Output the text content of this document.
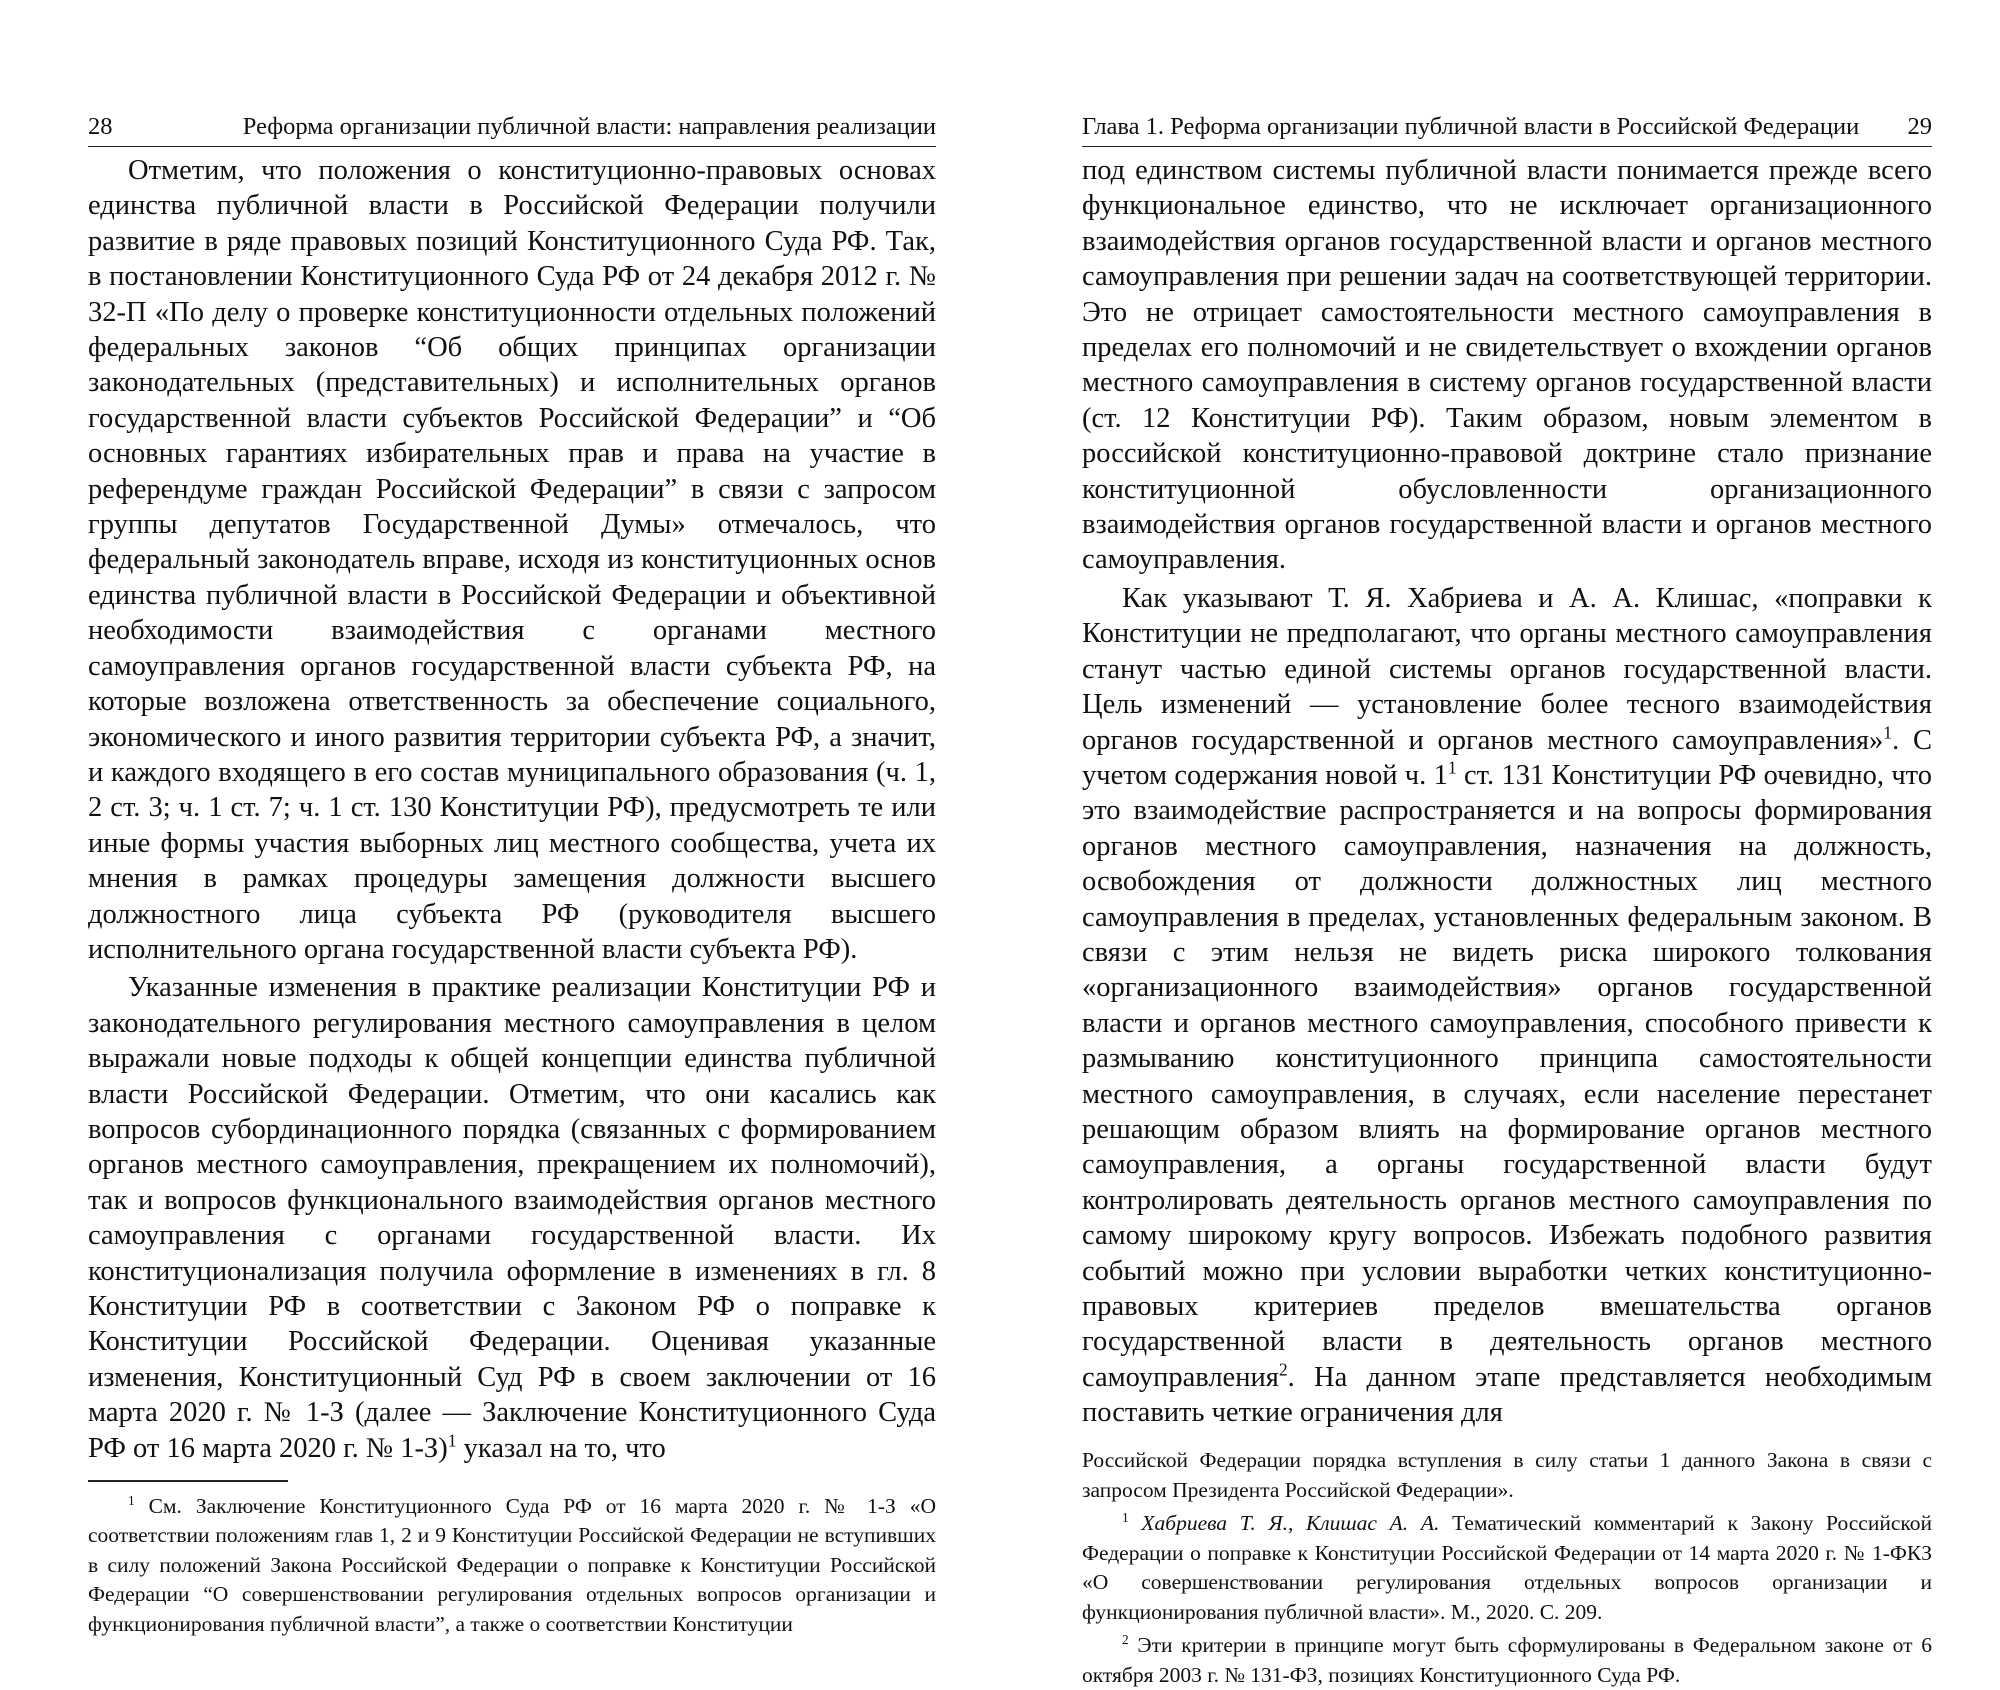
28	Реформа организации публичной власти: направления реализации

Отметим, что положения о конституционно-правовых основах единства публичной власти в Российской Федерации получили развитие в ряде правовых позиций Конституционного Суда РФ. Так, в постановлении Конституционного Суда РФ от 24 декабря 2012 г. № 32-П «По делу о проверке конституционности отдельных положений федеральных законов “Об общих принципах организации законодательных (представительных) и исполнительных органов государственной власти субъектов Российской Федерации” и “Об основных гарантиях избирательных прав и права на участие в референдуме граждан Российской Федерации” в связи с запросом группы депутатов Государственной Думы» отмечалось, что федеральный законодатель вправе, исходя из конституционных основ единства публичной власти в Российской Федерации и объективной необходимости взаимодействия с органами местного самоуправления органов государственной власти субъекта РФ, на которые возложена ответственность за обеспечение социального, экономического и иного развития территории субъекта РФ, а значит, и каждого входящего в его состав муниципального образования (ч. 1, 2 ст. 3; ч. 1 ст. 7; ч. 1 ст. 130 Конституции РФ), предусмотреть те или иные формы участия выборных лиц местного сообщества, учета их мнения в рамках процедуры замещения должности высшего должностного лица субъекта РФ (руководителя высшего исполнительного органа государственной власти субъекта РФ).

Указанные изменения в практике реализации Конституции РФ и законодательного регулирования местного самоуправления в целом выражали новые подходы к общей концепции единства публичной власти Российской Федерации. Отметим, что они касались как вопросов субординационного порядка (связанных с формированием органов местного самоуправления, прекращением их полномочий), так и вопросов функционального взаимодействия органов местного самоуправления с органами государственной власти. Их конституционализация получила оформление в изменениях в гл. 8 Конституции РФ в соответствии с Законом РФ о поправке к Конституции Российской Федерации. Оценивая указанные изменения, Конституционный Суд РФ в своем заключении от 16 марта 2020 г. № 1-З (далее — Заключение Конституционного Суда РФ от 16 марта 2020 г. № 1-З)$^1$ указал на то, что

$^1$ См. Заключение Конституционного Суда РФ от 16 марта 2020 г. № 1-З «О соответствии положениям глав 1, 2 и 9 Конституции Российской Федерации не вступивших в силу положений Закона Российской Федерации о поправке к Конституции Российской Федерации “О совершенствовании регулирования отдельных вопросов организации и функционирования публичной власти”, а также о соответствии Конституции

Глава 1. Реформа организации публичной власти в Российской Федерации 29

под единством системы публичной власти понимается прежде всего функциональное единство, что не исключает организационного взаимодействия органов государственной власти и органов местного самоуправления при решении задач на соответствующей территории. Это не отрицает самостоятельности местного самоуправления в пределах его полномочий и не свидетельствует о вхождении органов местного самоуправления в систему органов государственной власти (ст. 12 Конституции РФ). Таким образом, новым элементом в российской конституционно-правовой доктрине стало признание конституционной обусловленности организационного взаимодействия органов государственной власти и органов местного самоуправления.

Как указывают Т. Я. Хабриева и А. А. Клишас, «поправки к Конституции не предполагают, что органы местного самоуправления станут частью единой системы органов государственной власти. Цель изменений — установление более тесного взаимодействия органов государственной и органов местного самоуправления»$^1$. С учетом содержания новой ч. $1^1$ ст. 131 Конституции РФ очевидно, что это взаимодействие распространяется и на вопросы формирования органов местного самоуправления, назначения на должность, освобождения от должности должностных лиц местного самоуправления в пределах, установленных федеральным законом. В связи с этим нельзя не видеть риска широкого толкования «организационного взаимодействия» органов государственной власти и органов местного самоуправления, способного привести к размыванию конституционного принципа самостоятельности местного самоуправления, в случаях, если население перестанет решающим образом влиять на формирование органов местного самоуправления, а органы государственной власти будут контролировать деятельность органов местного самоуправления по самому широкому кругу вопросов. Избежать подобного развития событий можно при условии выработки четких конституционно-правовых критериев пределов вмешательства органов государственной власти в деятельность органов местного самоуправления$^2$. На данном этапе представляется необходимым поставить четкие ограничения для

Российской Федерации порядка вступления в силу статьи 1 данного Закона в связи с запросом Президента Российской Федерации».

$^1$ Хабриева Т. Я., Клишас А. А. Тематический комментарий к Закону Российской Федерации о поправке к Конституции Российской Федерации от 14 марта 2020 г. № 1-ФКЗ «О совершенствовании регулирования отдельных вопросов организации и функционирования публичной власти». М., 2020. С. 209.

$^2$ Эти критерии в принципе могут быть сформулированы в Федеральном законе от 6 октября 2003 г. № 131-ФЗ, позициях Конституционного Суда РФ.
